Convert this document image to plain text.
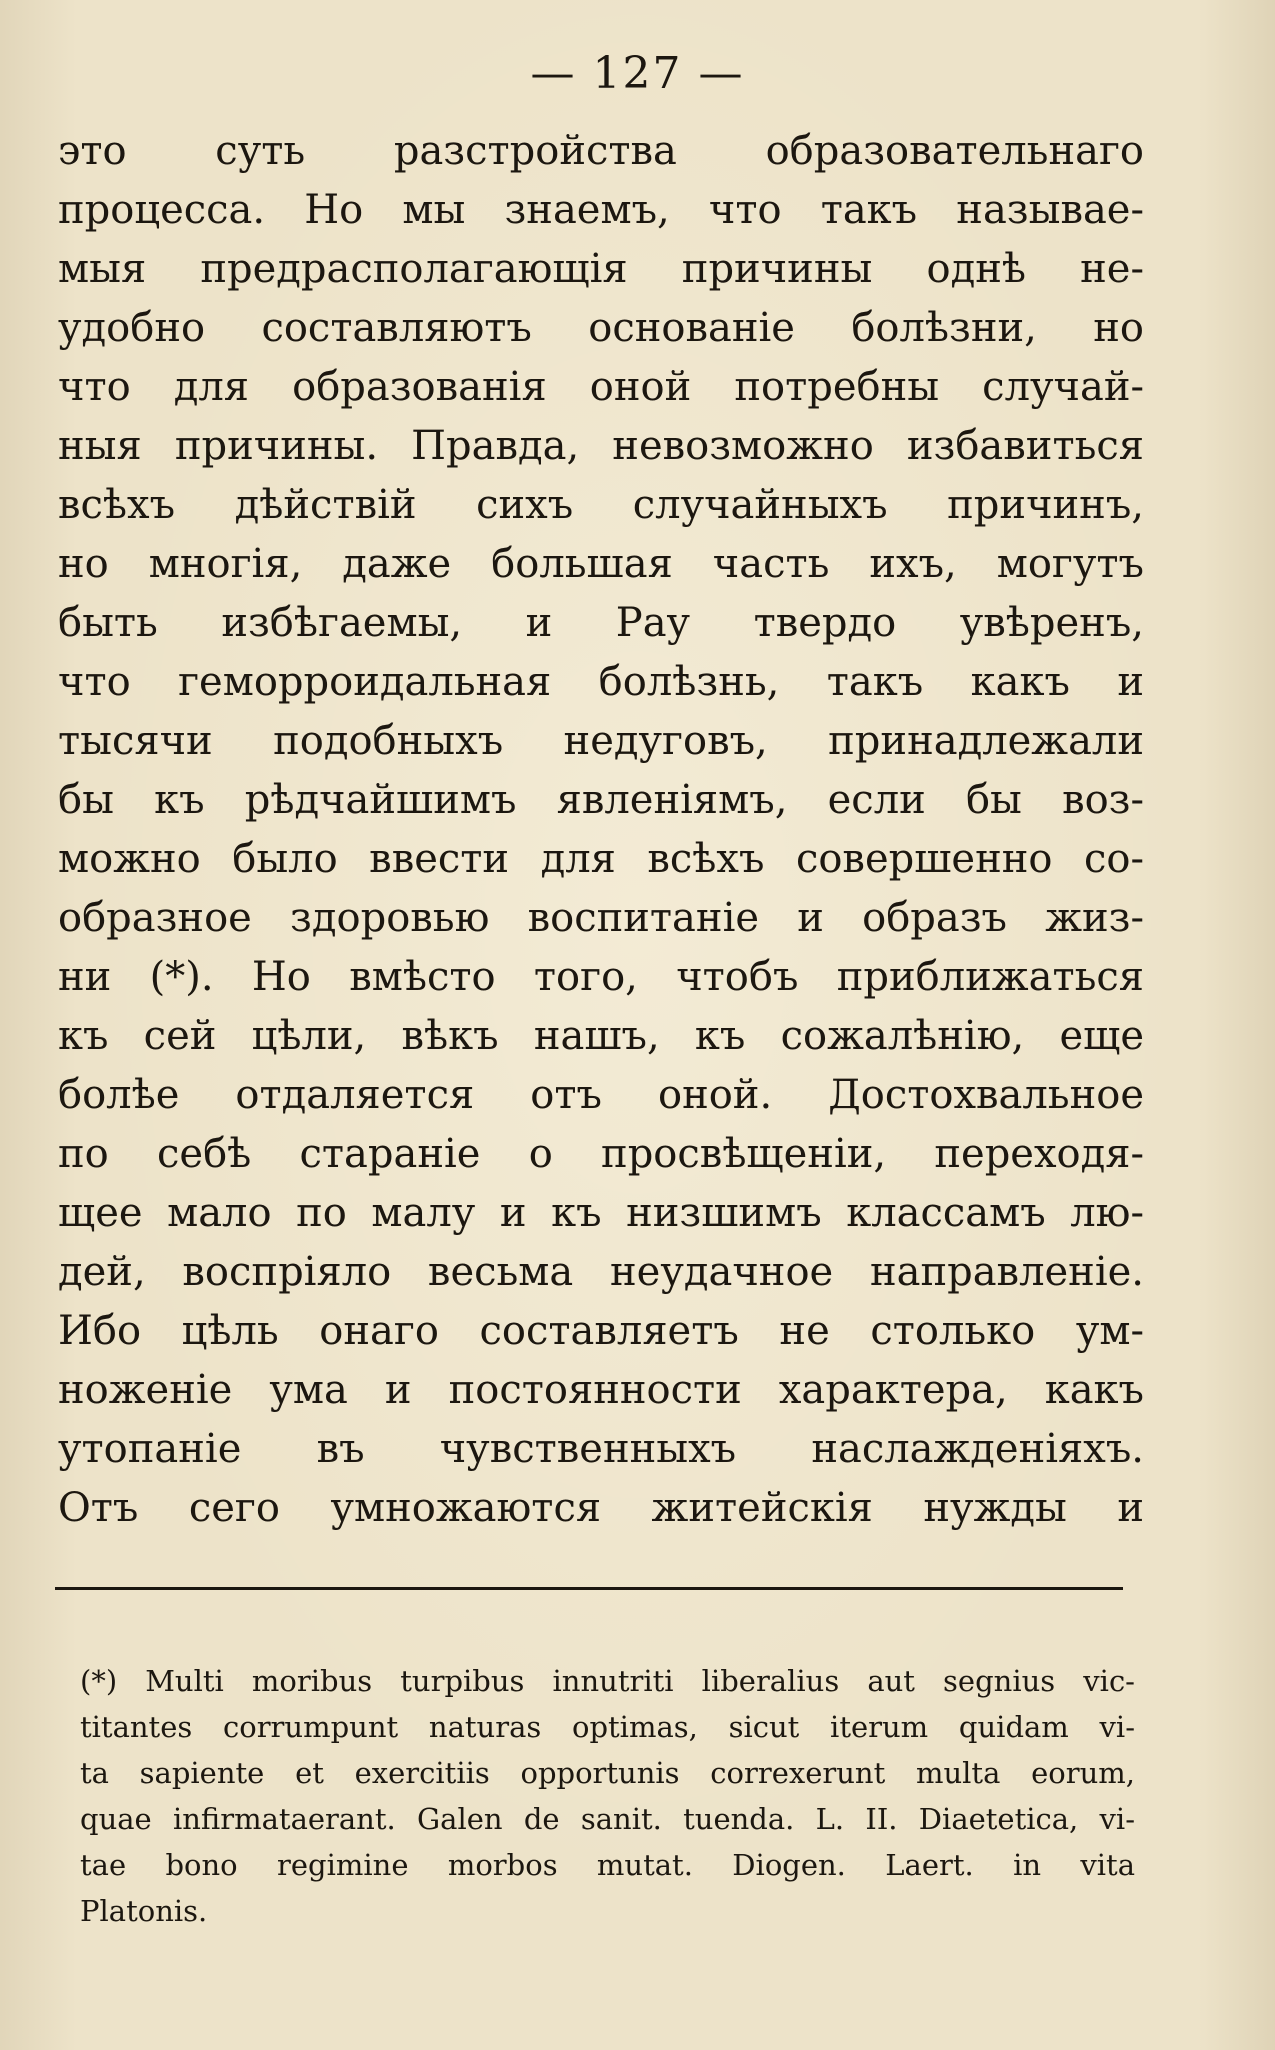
— 127 —
это суть разстройства образовательнаго
процесса. Но мы знаемъ, что такъ называе-
мыя предрасполагающія причины однѣ не-
удобно составляютъ основаніе болѣзни, но
что для образованія оной потребны случай-
ныя причины. Правда, невозможно избавиться
всѣхъ дѣйствій сихъ случайныхъ причинъ,
но многія, даже большая часть ихъ, могутъ
быть избѣгаемы, и Рау твердо увѣренъ,
что геморроидальная болѣзнь, такъ какъ и
тысячи подобныхъ недуговъ, принадлежали
бы къ рѣдчайшимъ явленіямъ, если бы воз-
можно было ввести для всѣхъ совершенно со-
образное здоровью воспитаніе и образъ жиз-
ни (*). Но вмѣсто того, чтобъ приближаться
къ сей цѣли, вѣкъ нашъ, къ сожалѣнію, еще
болѣе отдаляется отъ оной. Достохвальное
по себѣ стараніе о просвѣщеніи, переходя-
щее мало по малу и къ низшимъ классамъ лю-
дей, воспріяло весьма неудачное направленіе.
Ибо цѣль онаго составляетъ не столько ум-
ноженіе ума и постоянности характера, какъ
утопаніе въ чувственныхъ наслажденіяхъ.
Отъ сего умножаются житейскія нужды и
(*) Multi moribus turpibus innutriti liberalius aut segnius vic-
titantes corrumpunt naturas optimas, sicut iterum quidam vi-
ta sapiente et exercitiis opportunis correxerunt multa eorum,
quae infirmataerant. Galen de sanit. tuenda. L. II. Diaetetica, vi-
tae bono regimine morbos mutat. Diogen. Laert. in vita
Platonis.
